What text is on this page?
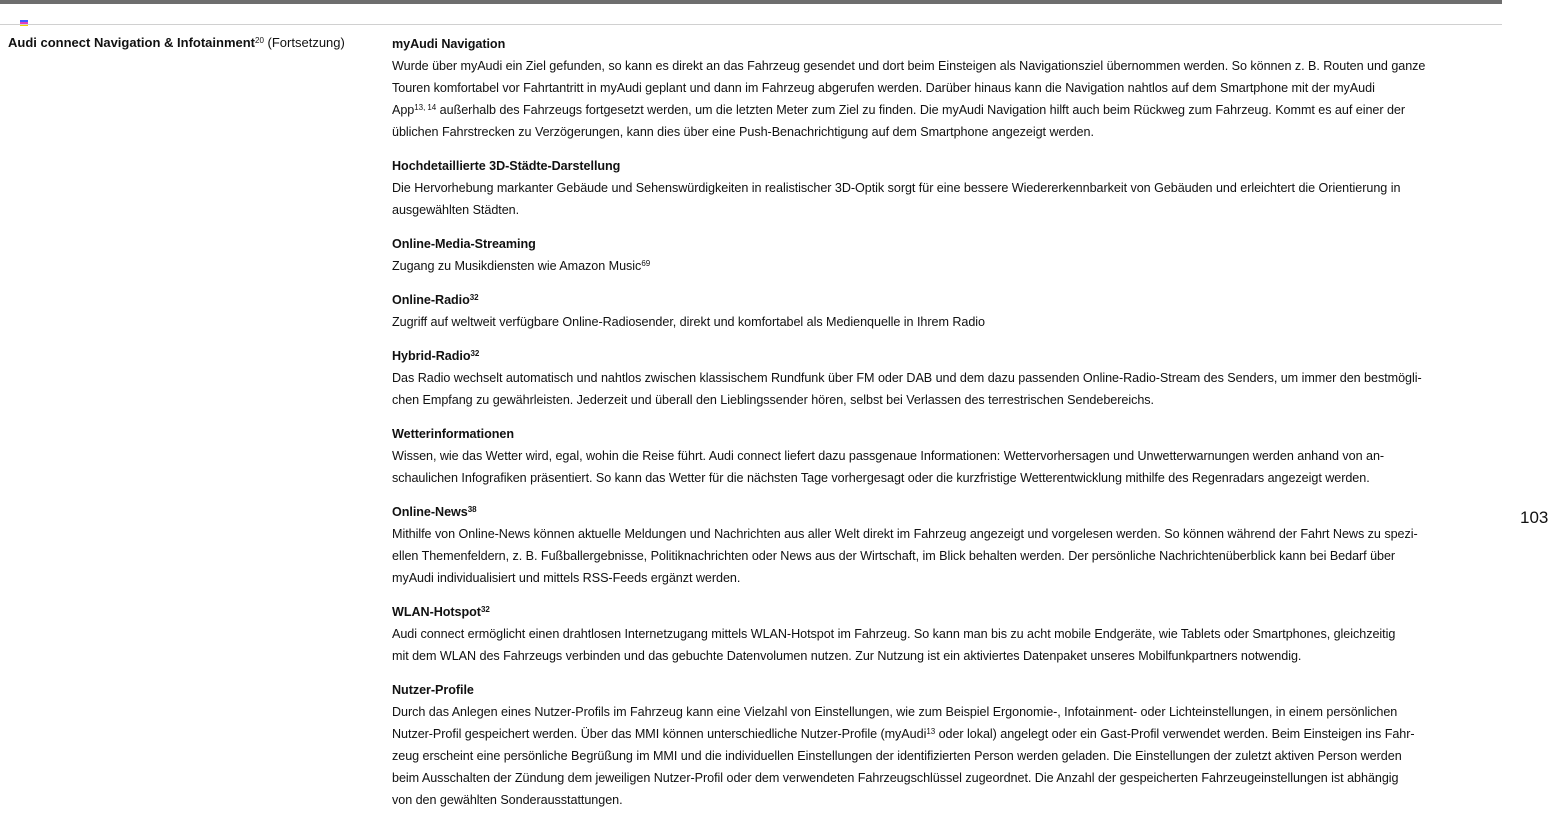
Audi connect Navigation & Infotainment$^{20}$ (Fortsetzung)	myAudi Navigation
Wurde über myAudi ein Ziel gefunden, so kann es direkt an das Fahrzeug gesendet und dort beim Einsteigen als Navigationsziel übernommen werden. So können z. B. Routen und ganze
Touren komfortabel vor Fahrtantritt in myAudi geplant und dann im Fahrzeug abgerufen werden. Darüber hinaus kann die Navigation nahtlos auf dem Smartphone mit der myAudi
App$^{13, 14}$ außerhalb des Fahrzeugs fortgesetzt werden, um die letzten Meter zum Ziel zu finden. Die myAudi Navigation hilft auch beim Rückweg zum Fahrzeug. Kommt es auf einer der
üblichen Fahrstrecken zu Verzögerungen, kann dies über eine Push-Benachrichtigung auf dem Smartphone angezeigt werden.
Hochdetaillierte 3D-Städte-Darstellung
Die Hervorhebung markanter Gebäude und Sehenswürdigkeiten in realistischer 3D-Optik sorgt für eine bessere Wiedererkennbarkeit von Gebäuden und erleichtert die Orientierung in
ausgewählten Städten.
Online-Media-Streaming
Zugang zu Musikdiensten wie Amazon Music$^{69}$
Online-Radio$^{32}$
Zugriff auf weltweit verfügbare Online-Radiosender, direkt und komfortabel als Medienquelle in Ihrem Radio
Hybrid-Radio$^{32}$
Das Radio wechselt automatisch und nahtlos zwischen klassischem Rundfunk über FM oder DAB und dem dazu passenden Online-Radio-Stream des Senders, um immer den bestmögli-
chen Empfang zu gewährleisten. Jederzeit und überall den Lieblingssender hören, selbst bei Verlassen des terrestrischen Sendebereichs.
Wetterinformationen
Wissen, wie das Wetter wird, egal, wohin die Reise führt. Audi connect liefert dazu passgenaue Informationen: Wettervorhersagen und Unwetterwarnungen werden anhand von an-
schaulichen Infografiken präsentiert. So kann das Wetter für die nächsten Tage vorhergesagt oder die kurzfristige Wetterentwicklung mithilfe des Regenradars angezeigt werden.
Online-News$^{38}$
Mithilfe von Online-News können aktuelle Meldungen und Nachrichten aus aller Welt direkt im Fahrzeug angezeigt und vorgelesen werden. So können während der Fahrt News zu spezi-
ellen Themenfeldern, z. B. Fußballergebnisse, Politiknachrichten oder News aus der Wirtschaft, im Blick behalten werden. Der persönliche Nachrichtenüberblick kann bei Bedarf über
myAudi individualisiert und mittels RSS-Feeds ergänzt werden.
WLAN-Hotspot$^{32}$
Audi connect ermöglicht einen drahtlosen Internetzugang mittels WLAN-Hotspot im Fahrzeug. So kann man bis zu acht mobile Endgeräte, wie Tablets oder Smartphones, gleichzeitig
mit dem WLAN des Fahrzeugs verbinden und das gebuchte Datenvolumen nutzen. Zur Nutzung ist ein aktiviertes Datenpaket unseres Mobilfunkpartners notwendig.
Nutzer-Profile
Durch das Anlegen eines Nutzer-Profils im Fahrzeug kann eine Vielzahl von Einstellungen, wie zum Beispiel Ergonomie-, Infotainment- oder Lichteinstellungen, in einem persönlichen
Nutzer-Profil gespeichert werden. Über das MMI können unterschiedliche Nutzer-Profile (myAudi$^{13}$ oder lokal) angelegt oder ein Gast-Profil verwendet werden. Beim Einsteigen ins Fahr-
zeug erscheint eine persönliche Begrüßung im MMI und die individuellen Einstellungen der identifizierten Person werden geladen. Die Einstellungen der zuletzt aktiven Person werden
beim Ausschalten der Zündung dem jeweiligen Nutzer-Profil oder dem verwendeten Fahrzeugschlüssel zugeordnet. Die Anzahl der gespeicherten Fahrzeugeinstellungen ist abhängig
von den gewählten Sonderausstattungen.
103
